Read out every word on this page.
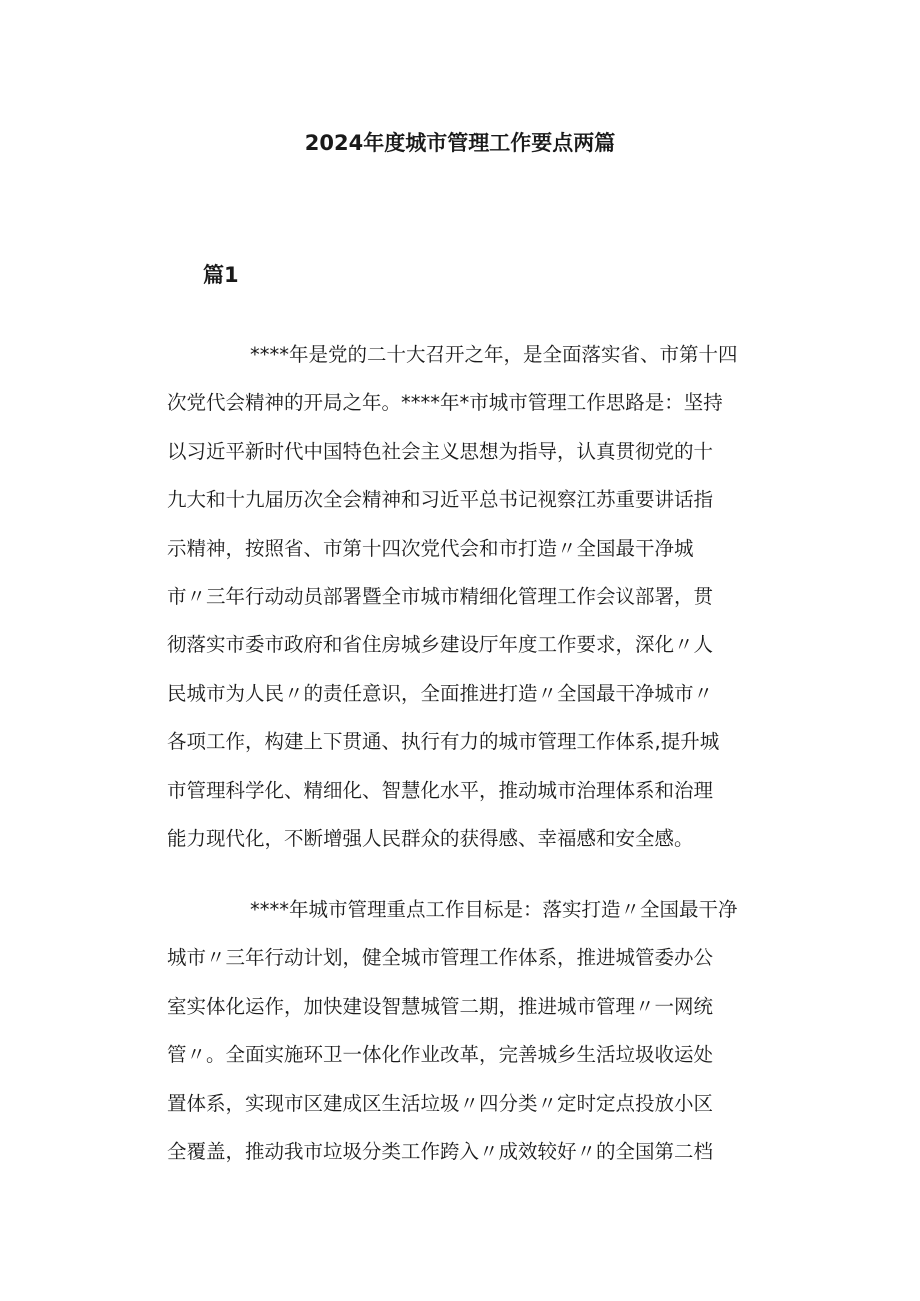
2024年度城市管理工作要点两篇
篇1
****年是党的二十大召开之年，是全面落实省、市第十四
次党代会精神的开局之年。****年*市城市管理工作思路是：坚持
以习近平新时代中国特色社会主义思想为指导，认真贯彻党的十
九大和十九届历次全会精神和习近平总书记视察江苏重要讲话指
示精神，按照省、市第十四次党代会和市打造〃全国最干净城
市〃三年行动动员部署暨全市城市精细化管理工作会议部署，贯
彻落实市委市政府和省住房城乡建设厅年度工作要求，深化〃人
民城市为人民〃的责任意识，全面推进打造〃全国最干净城市〃
各项工作，构建上下贯通、执行有力的城市管理工作体系,提升城
市管理科学化、精细化、智慧化水平，推动城市治理体系和治理
能力现代化，不断增强人民群众的获得感、幸福感和安全感。
****年城市管理重点工作目标是：落实打造〃全国最干净
城市〃三年行动计划，健全城市管理工作体系，推进城管委办公
室实体化运作，加快建设智慧城管二期，推进城市管理〃一网统
管〃。全面实施环卫一体化作业改革，完善城乡生活垃圾收运处
置体系，实现市区建成区生活垃圾〃四分类〃定时定点投放小区
全覆盖，推动我市垃圾分类工作跨入〃成效较好〃的全国第二档
